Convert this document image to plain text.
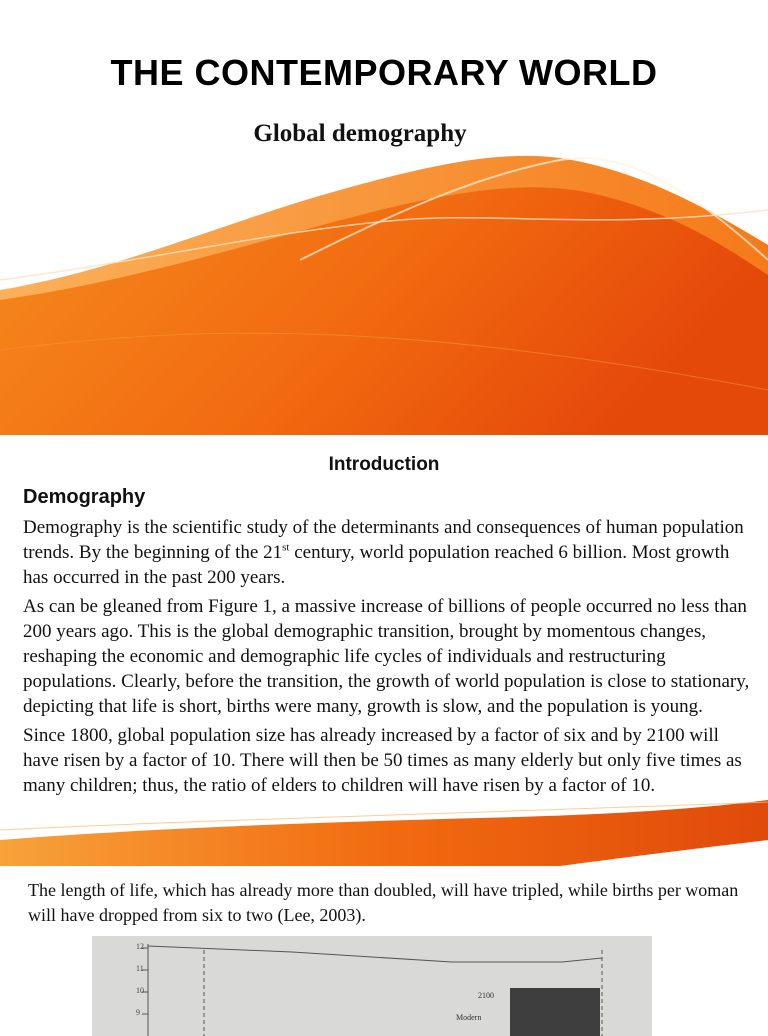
THE CONTEMPORARY WORLD
Global demography
Introduction
Demography

Demography is the scientific study of the determinants and consequences of human population trends. By the beginning of the 21st century, world population reached 6 billion. Most growth has occurred in the past 200 years.

As can be gleaned from Figure 1, a massive increase of billions of people occurred no less than 200 years ago. This is the global demographic transition, brought by momentous changes, reshaping the economic and demographic life cycles of individuals and restructuring populations. Clearly, before the transition, the growth of world population is close to stationary, depicting that life is short, births were many, growth is slow, and the population is young.

Since 1800, global population size has already increased by a factor of six and by 2100 will have risen by a factor of 10. There will then be 50 times as many elderly but only five times as many children; thus, the ratio of elders to children will have risen by a factor of 10.

The length of life, which has already more than doubled, will have tripled, while births per woman will have dropped from six to two (Lee, 2003).
12
11
10
9
2100
Modern
